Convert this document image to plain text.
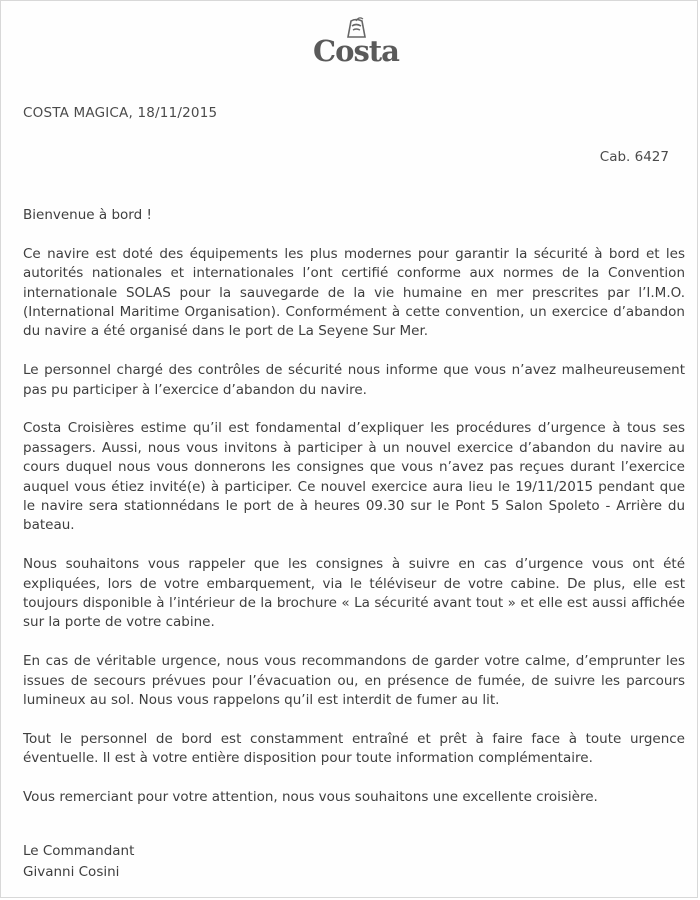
Costa
COSTA MAGICA, 18/11/2015
Cab. 6427

Bienvenue à bord !

Ce navire est doté des équipements les plus modernes pour garantir la sécurité à bord et les autorités nationales et internationales l’ont certifié conforme aux normes de la Convention internationale SOLAS pour la sauvegarde de la vie humaine en mer prescrites par l’I.M.O. (International Maritime Organisation). Conformément à cette convention, un exercice d’abandon du navire a été organisé dans le port de La Seyene Sur Mer.

Le personnel chargé des contrôles de sécurité nous informe que vous n’avez malheureusement pas pu participer à l’exercice d’abandon du navire.

Costa Croisières estime qu’il est fondamental d’expliquer les procédures d’urgence à tous ses passagers. Aussi, nous vous invitons à participer à un nouvel exercice d’abandon du navire au cours duquel nous vous donnerons les consignes que vous n’avez pas reçues durant l’exercice auquel vous étiez invité(e) à participer. Ce nouvel exercice aura lieu le 19/11/2015 pendant que le navire sera stationnédans le port de à heures 09.30 sur le Pont 5 Salon Spoleto - Arrière du bateau.

Nous souhaitons vous rappeler que les consignes à suivre en cas d’urgence vous ont été expliquées, lors de votre embarquement, via le téléviseur de votre cabine. De plus, elle est toujours disponible à l’intérieur de la brochure « La sécurité avant tout » et elle est aussi affichée sur la porte de votre cabine.

En cas de véritable urgence, nous vous recommandons de garder votre calme, d’emprunter les issues de secours prévues pour l’évacuation ou, en présence de fumée, de suivre les parcours lumineux au sol. Nous vous rappelons qu’il est interdit de fumer au lit.

Tout le personnel de bord est constamment entraîné et prêt à faire face à toute urgence éventuelle. Il est à votre entière disposition pour toute information complémentaire.

Vous remerciant pour votre attention, nous vous souhaitons une excellente croisière.

Le Commandant
Givanni Cosini
